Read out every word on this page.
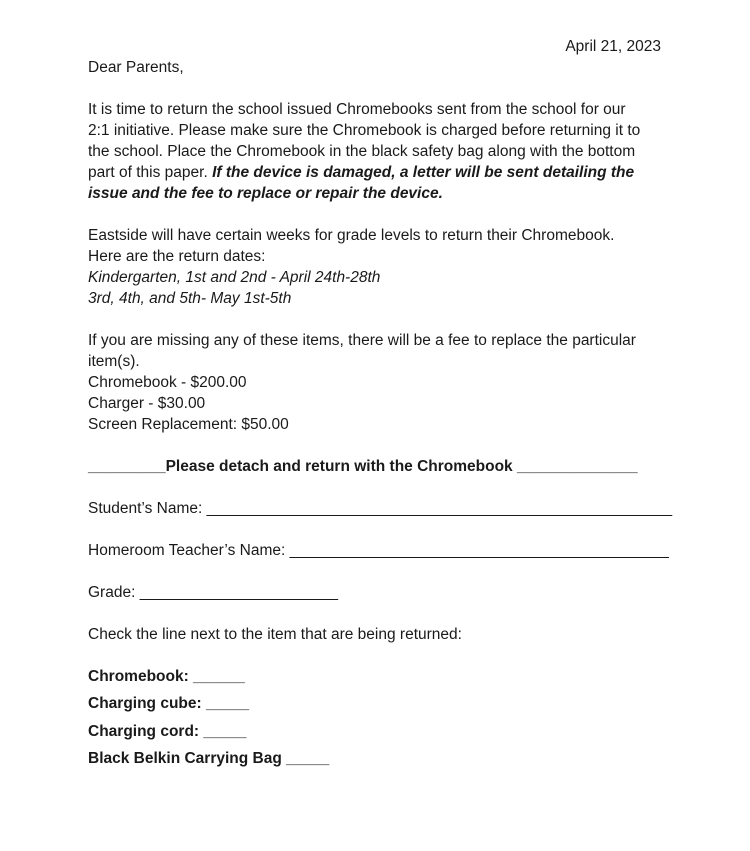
April 21, 2023
Dear Parents,
It is time to return the school issued Chromebooks sent from the school for our
2:1 initiative. Please make sure the Chromebook is charged before returning it to
the school. Place the Chromebook in the black safety bag along with the bottom
part of this paper. If the device is damaged, a letter will be sent detailing the
issue and the fee to replace or repair the device.
Eastside will have certain weeks for grade levels to return their Chromebook.
Here are the return dates:
Kindergarten, 1st and 2nd - April 24th-28th
3rd, 4th, and 5th- May 1st-5th
If you are missing any of these items, there will be a fee to replace the particular
item(s).
Chromebook - $200.00
Charger - $30.00
Screen Replacement: $50.00
_________Please detach and return with the Chromebook ______________
Student’s Name: ______________________________________________________
Homeroom Teacher’s Name: ____________________________________________
Grade: _______________________
Check the line next to the item that are being returned:
Chromebook: ______
Charging cube: _____
Charging cord: _____
Black Belkin Carrying Bag _____
